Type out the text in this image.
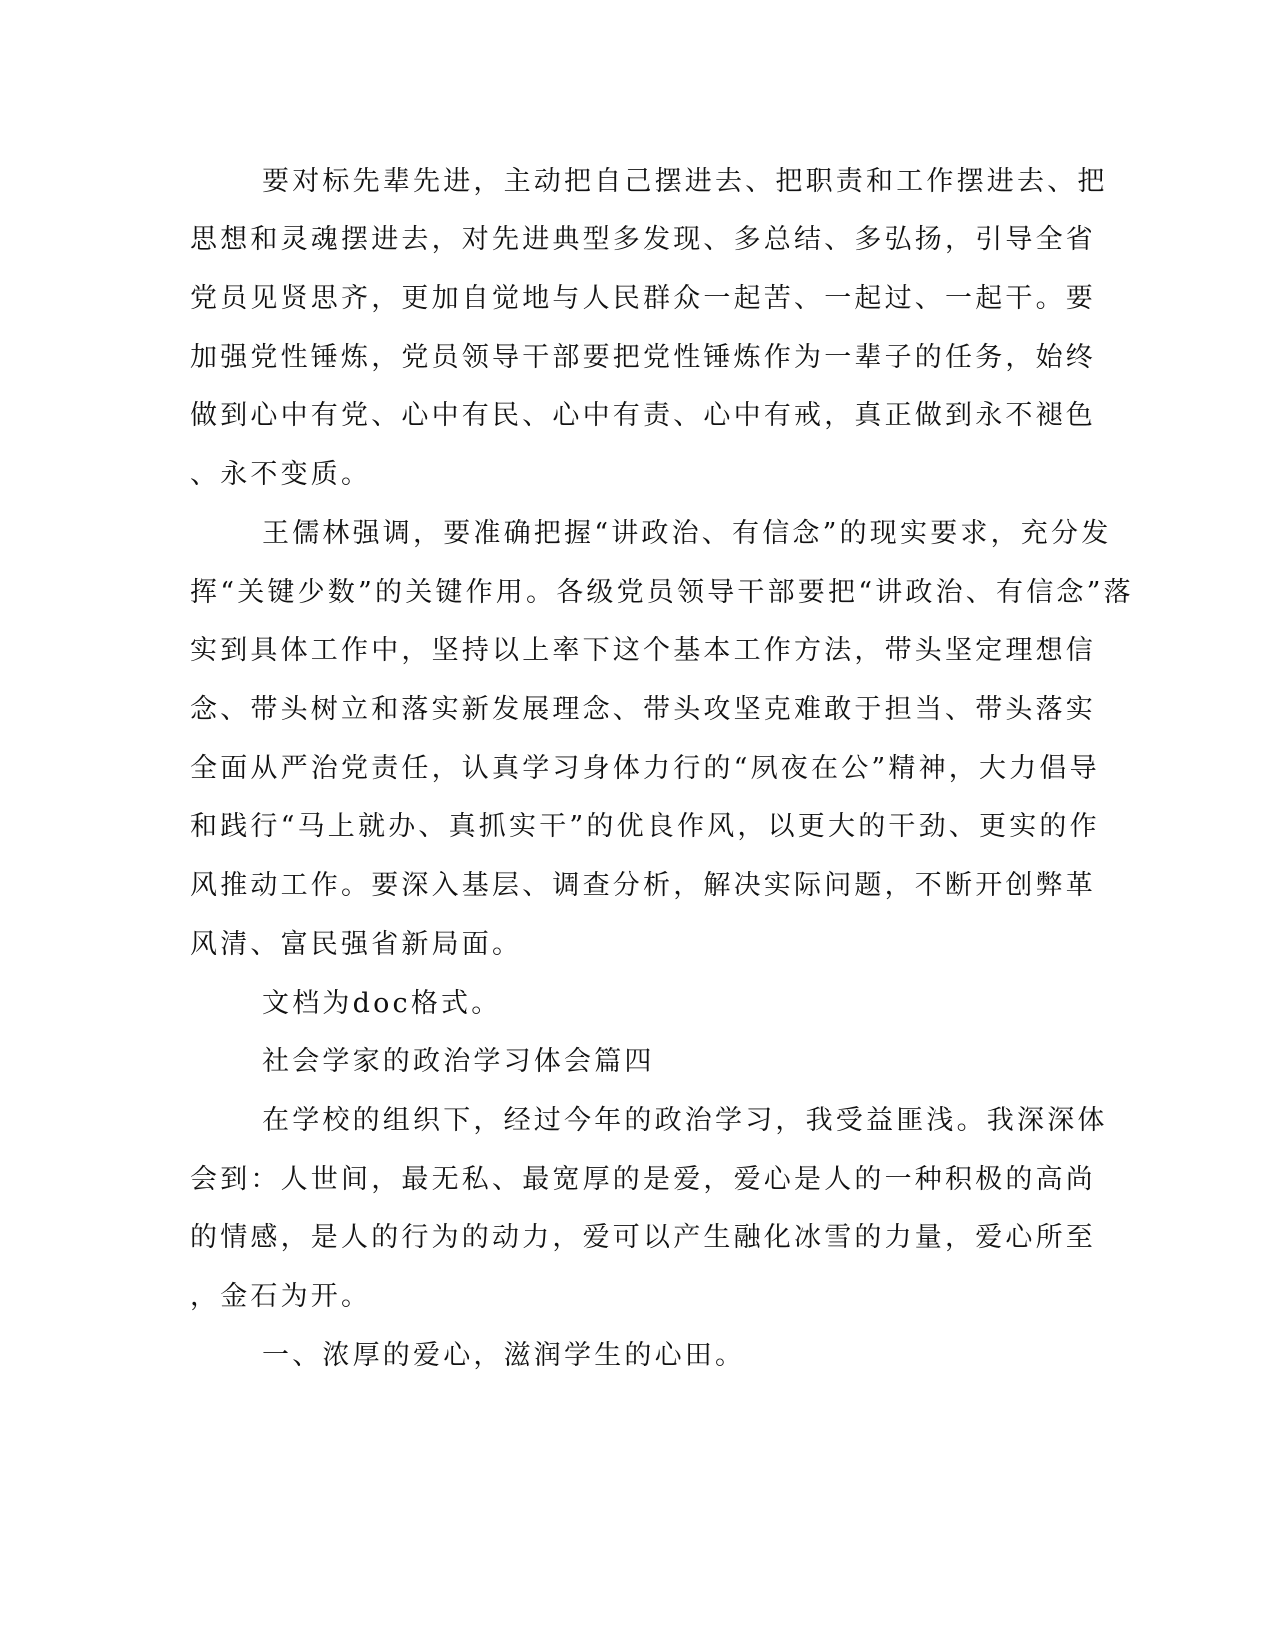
要对标先辈先进，主动把自己摆进去、把职责和工作摆进去、把
思想和灵魂摆进去，对先进典型多发现、多总结、多弘扬，引导全省
党员见贤思齐，更加自觉地与人民群众一起苦、一起过、一起干。要
加强党性锤炼，党员领导干部要把党性锤炼作为一辈子的任务，始终
做到心中有党、心中有民、心中有责、心中有戒，真正做到永不褪色
、永不变质。
王儒林强调，要准确把握“讲政治、有信念”的现实要求，充分发
挥“关键少数”的关键作用。各级党员领导干部要把“讲政治、有信念”落
实到具体工作中，坚持以上率下这个基本工作方法，带头坚定理想信
念、带头树立和落实新发展理念、带头攻坚克难敢于担当、带头落实
全面从严治党责任，认真学习身体力行的“夙夜在公”精神，大力倡导
和践行“马上就办、真抓实干”的优良作风，以更大的干劲、更实的作
风推动工作。要深入基层、调查分析，解决实际问题，不断开创弊革
风清、富民强省新局面。
文档为doc格式。
社会学家的政治学习体会篇四
在学校的组织下，经过今年的政治学习，我受益匪浅。我深深体
会到：人世间，最无私、最宽厚的是爱，爱心是人的一种积极的高尚
的情感，是人的行为的动力，爱可以产生融化冰雪的力量，爱心所至
，金石为开。
一、浓厚的爱心，滋润学生的心田。
